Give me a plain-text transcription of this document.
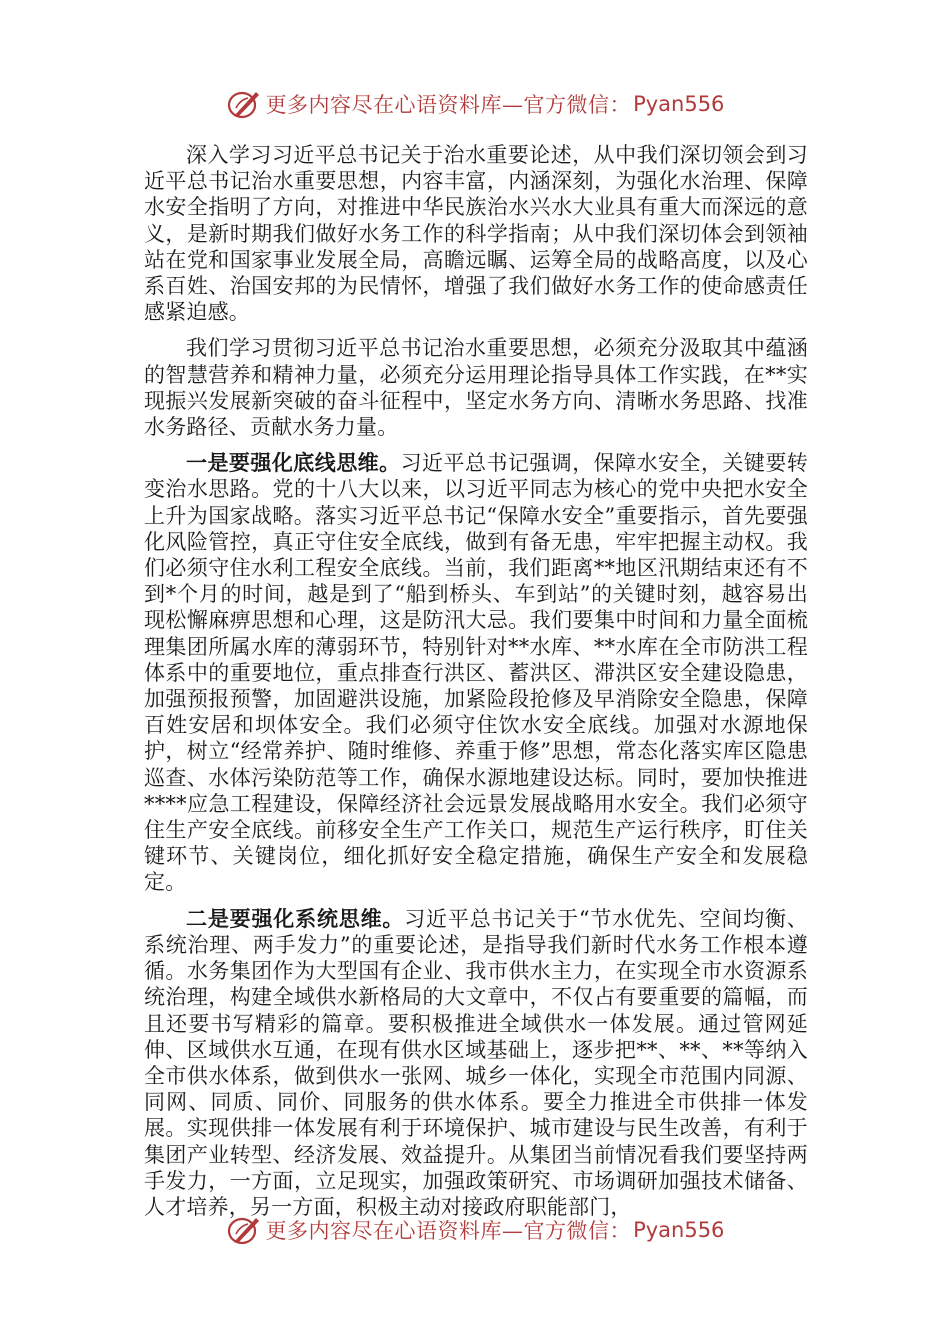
更多内容尽在心语资料库—官方微信： Pyan556

深入学习习近平总书记关于治水重要论述，从中我们深切领会到习近平总书记治水重要思想，内容丰富，内涵深刻，为强化水治理、保障水安全指明了方向，对推进中华民族治水兴水大业具有重大而深远的意义，是新时期我们做好水务工作的科学指南；从中我们深切体会到领袖站在党和国家事业发展全局，高瞻远瞩、运筹全局的战略高度，以及心系百姓、治国安邦的为民情怀，增强了我们做好水务工作的使命感责任感紧迫感。

我们学习贯彻习近平总书记治水重要思想，必须充分汲取其中蕴涵的智慧营养和精神力量，必须充分运用理论指导具体工作实践，在**实现振兴发展新突破的奋斗征程中，坚定水务方向、清晰水务思路、找准水务路径、贡献水务力量。

一是要强化底线思维。习近平总书记强调，保障水安全，关键要转变治水思路。党的十八大以来，以习近平同志为核心的党中央把水安全上升为国家战略。落实习近平总书记“保障水安全”重要指示，首先要强化风险管控，真正守住安全底线，做到有备无患，牢牢把握主动权。我们必须守住水利工程安全底线。当前，我们距离**地区汛期结束还有不到*个月的时间，越是到了“船到桥头、车到站”的关键时刻，越容易出现松懈麻痹思想和心理，这是防汛大忌。我们要集中时间和力量全面梳理集团所属水库的薄弱环节，特别针对**水库、**水库在全市防洪工程体系中的重要地位，重点排查行洪区、蓄洪区、滞洪区安全建设隐患，加强预报预警，加固避洪设施，加紧险段抢修及早消除安全隐患，保障百姓安居和坝体安全。我们必须守住饮水安全底线。加强对水源地保护，树立“经常养护、随时维修、养重于修”思想，常态化落实库区隐患巡查、水体污染防范等工作，确保水源地建设达标。同时，要加快推进****应急工程建设，保障经济社会远景发展战略用水安全。我们必须守住生产安全底线。前移安全生产工作关口，规范生产运行秩序，盯住关键环节、关键岗位，细化抓好安全稳定措施，确保生产安全和发展稳定。

二是要强化系统思维。习近平总书记关于“节水优先、空间均衡、系统治理、两手发力”的重要论述，是指导我们新时代水务工作根本遵循。水务集团作为大型国有企业、我市供水主力，在实现全市水资源系统治理，构建全域供水新格局的大文章中，不仅占有要重要的篇幅，而且还要书写精彩的篇章。要积极推进全域供水一体发展。通过管网延伸、区域供水互通，在现有供水区域基础上，逐步把**、**、**等纳入全市供水体系，做到供水一张网、城乡一体化，实现全市范围内同源、同网、同质、同价、同服务的供水体系。要全力推进全市供排一体发展。实现供排一体发展有利于环境保护、城市建设与民生改善，有利于集团产业转型、经济发展、效益提升。从集团当前情况看我们要坚持两手发力，一方面，立足现实，加强政策研究、市场调研加强技术储备、人才培养，另一方面，积极主动对接政府职能部门，

更多内容尽在心语资料库—官方微信： Pyan556
